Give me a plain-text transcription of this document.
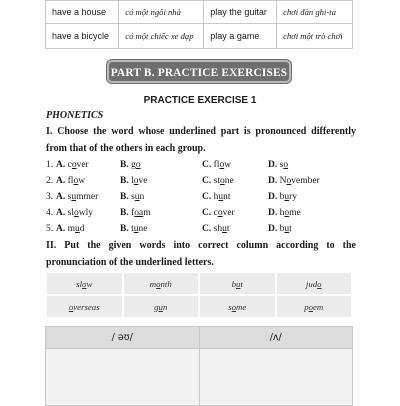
have a house	có một ngôi nhà	play the guitar	chơi đàn ghi-ta
have a bicycle	có một chiếc xe đạp	play a game	chơi một trò chơi
PART B. PRACTICE EXERCISES
PRACTICE EXERCISE 1
PHONETICS
I. Choose the word whose underlined part is pronounced differently from that of the others in each group.
1. A. cover	B. go	C. flow	D. so
2. A. flow	B. love	C. stone	D. November
3. A. summer B. sun	C. hunt	D. bury
4. A. slowly	B. foam	C. cover	D. home
5. A. mud	B. tune	C. shut	D. but
II. Put the given words into correct column according to the pronunciation of the underlined letters.
slow	month	but	judo
overseas	gun	some	poem
/ əʊ/	/ʌ/
